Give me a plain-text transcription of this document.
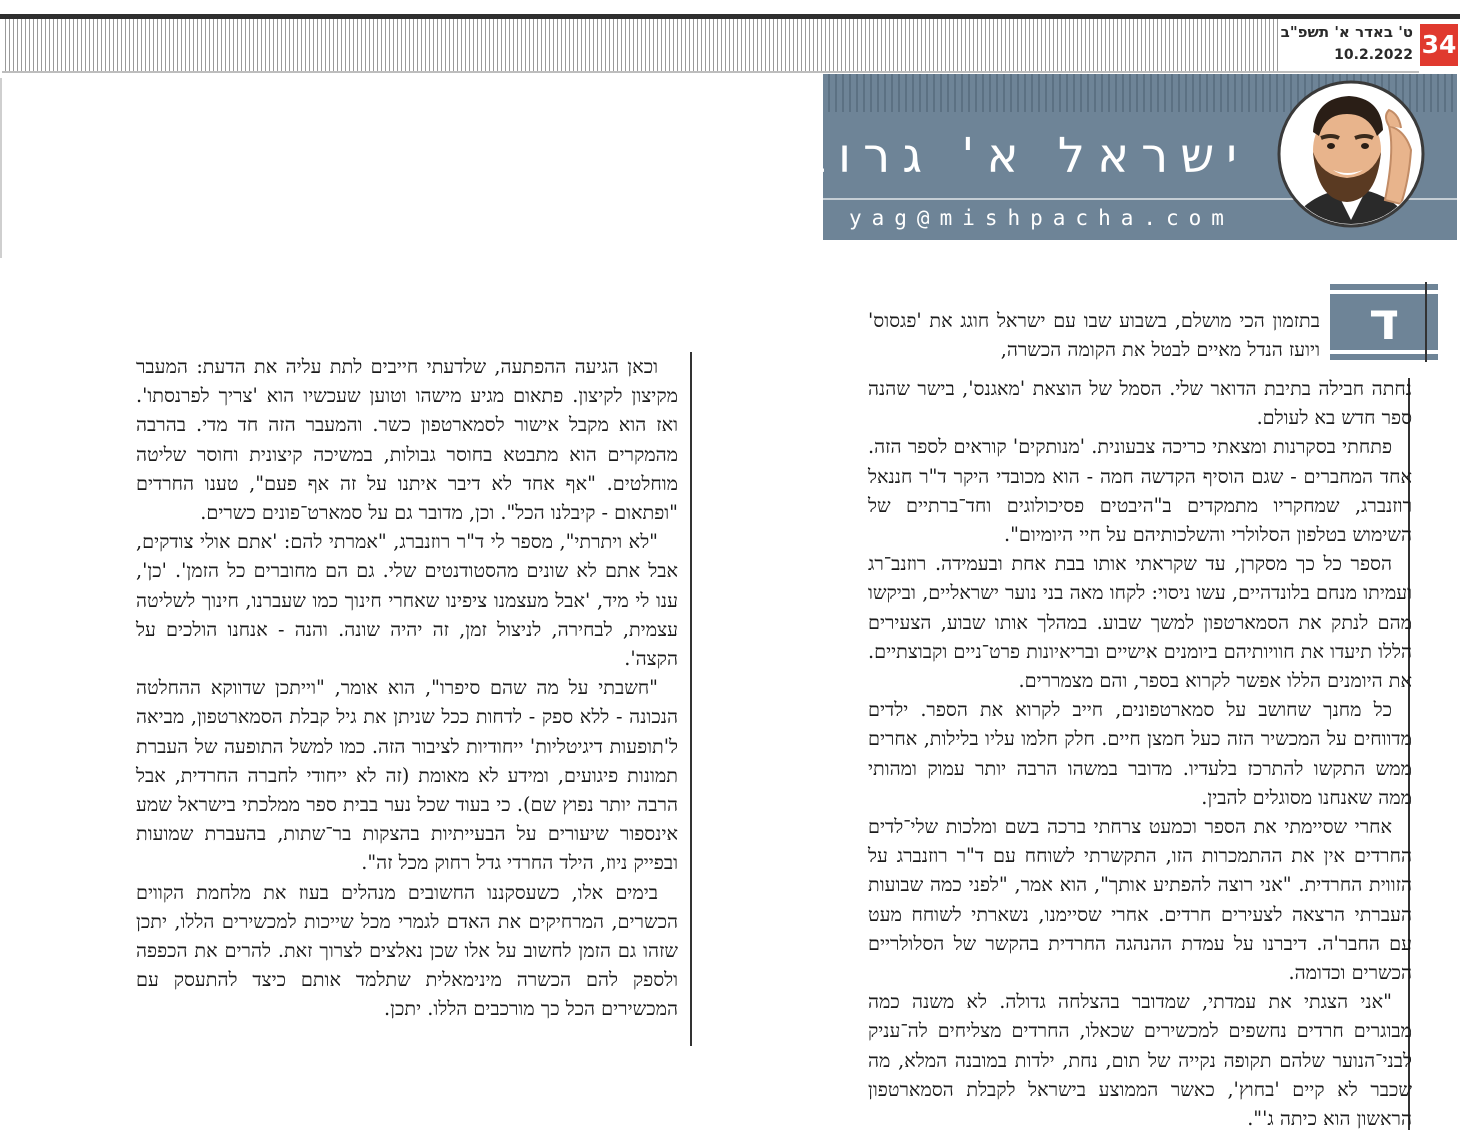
ט' באדר א' תשפ"ב
10.2.2022 34
ישראל א' גרובייס
yag@mishpacha.com
ד

בתזמון הכי מושלם, בשבוע שבו עם ישראל חוגג את 'פגסוס' ויועז הנדל מאיים לבטל את הקומה הכשרה,

נחתה חבילה בתיבת הדואר שלי. הסמל של הוצאת 'מאגנס', בישר שהנה ספר חדש בא לעולם.

פתחתי בסקרנות ומצאתי כריכה צבעונית. 'מנותקים' קוראים לספר הזה. אחד המחברים - שגם הוסיף הקדשה חמה - הוא מכובדי היקר ד"ר חננאל רוזנברג, שמחקריו מתמקדים ב"היבטים פסיכולוגים וחד־ברתיים של השימוש בטלפון הסלולרי והשלכותיהם על חיי היומיום".

הספר כל כך מסקרן, עד שקראתי אותו בבת אחת ובעמידה. רוזנב־רג ועמיתו מנחם בלונדהיים, עשו ניסוי: לקחו מאה בני נוער ישראליים, וביקשו מהם לנתק את הסמארטפון למשך שבוע. במהלך אותו שבוע, הצעירים הללו תיעדו את חוויותיהם ביומנים אישיים ובריאיונות פרט־ניים וקבוצתיים. את היומנים הללו אפשר לקרוא בספר, והם מצמררים.

כל מחנך שחושב על סמארטפונים, חייב לקרוא את הספר. ילדים מדווחים על המכשיר הזה כעל חמצן חיים. חלק חלמו עליו בלילות, אחרים ממש התקשו להתרכז בלעדיו. מדובר במשהו הרבה יותר עמוק ומהותי ממה שאנחנו מסוגלים להבין.

אחרי שסיימתי את הספר וכמעט צרחתי ברכה בשם ומלכות שלי־לדים החרדים אין את ההתמכרות הזו, התקשרתי לשוחח עם ד"ר רוזנברג על הזווית החרדית. "אני רוצה להפתיע אותך", הוא אמר, "לפני כמה שבועות העברתי הרצאה לצעירים חרדים. אחרי שסיימנו, נשארתי לשוחח מעט עם החבר'ה. דיברנו על עמדת ההנהגה החרדית בהקשר של הסלולריים הכשרים וכדומה.

"אני הצגתי את עמדתי, שמדובר בהצלחה גדולה. לא משנה כמה מבוגרים חרדים נחשפים למכשירים שכאלו, החרדים מצליחים לה־עניק לבני־הנוער שלהם תקופה נקייה של תום, נחת, ילדות במובנה המלא, מה שכבר לא קיים 'בחוץ', כאשר הממוצע בישראל לקבלת הסמארטפון הראשון הוא כיתה ג'".

וכאן הגיעה ההפתעה, שלדעתי חייבים לתת עליה את הדעת: המעבר מקיצון לקיצון. פתאום מגיע מישהו וטוען שעכשיו הוא 'צריך לפרנסתו'. ואז הוא מקבל אישור לסמארטפון כשר. והמעבר הזה חד מדי. בהרבה מהמקרים הוא מתבטא בחוסר גבולות, במשיכה קיצונית וחוסר שליטה מוחלטים. "אף אחד לא דיבר איתנו על זה אף פעם", טענו החרדים "ופתאום - קיבלנו הכל". וכן, מדובר גם על סמארט־פונים כשרים.

"לא ויתרתי", מספר לי ד"ר רוזנברג, "אמרתי להם: 'אתם אולי צודקים, אבל אתם לא שונים מהסטודנטים שלי. גם הם מחוברים כל הזמן'. 'כן', ענו לי מיד, 'אבל מעצמנו ציפינו שאחרי חינוך כמו שעברנו, חינוך לשליטה עצמית, לבחירה, לניצול זמן, זה יהיה שונה. והנה - אנחנו הולכים על הקצה'.

"חשבתי על מה שהם סיפרו", הוא אומר, "וייתכן שדווקא ההחלטה הנכונה - ללא ספק - לדחות ככל שניתן את גיל קבלת הסמארטפון, מביאה ל'תופעות דיגיטליות' ייחודיות לציבור הזה. כמו למשל התופעה של העברת תמונות פיגועים, ומידע לא מאומת (זה לא ייחודי לחברה החרדית, אבל הרבה יותר נפוץ שם). כי בעוד שכל נער בבית ספר ממלכתי בישראל שמע אינספור שיעורים על הבעייתיות בהצקות בר־שתות, בהעברת שמועות ובפייק ניוז, הילד החרדי גדל רחוק מכל זה".

בימים אלו, כשעסקננו החשובים מנהלים בעוז את מלחמת הקווים הכשרים, המרחיקים את האדם לגמרי מכל שייכות למכשירים הללו, יתכן שזהו גם הזמן לחשוב על אלו שכן נאלצים לצרוך זאת. להרים את הכפפה ולספק להם הכשרה מינימאלית שתלמד אותם כיצד להתעסק עם המכשירים הכל כך מורכבים הללו. יתכן.
